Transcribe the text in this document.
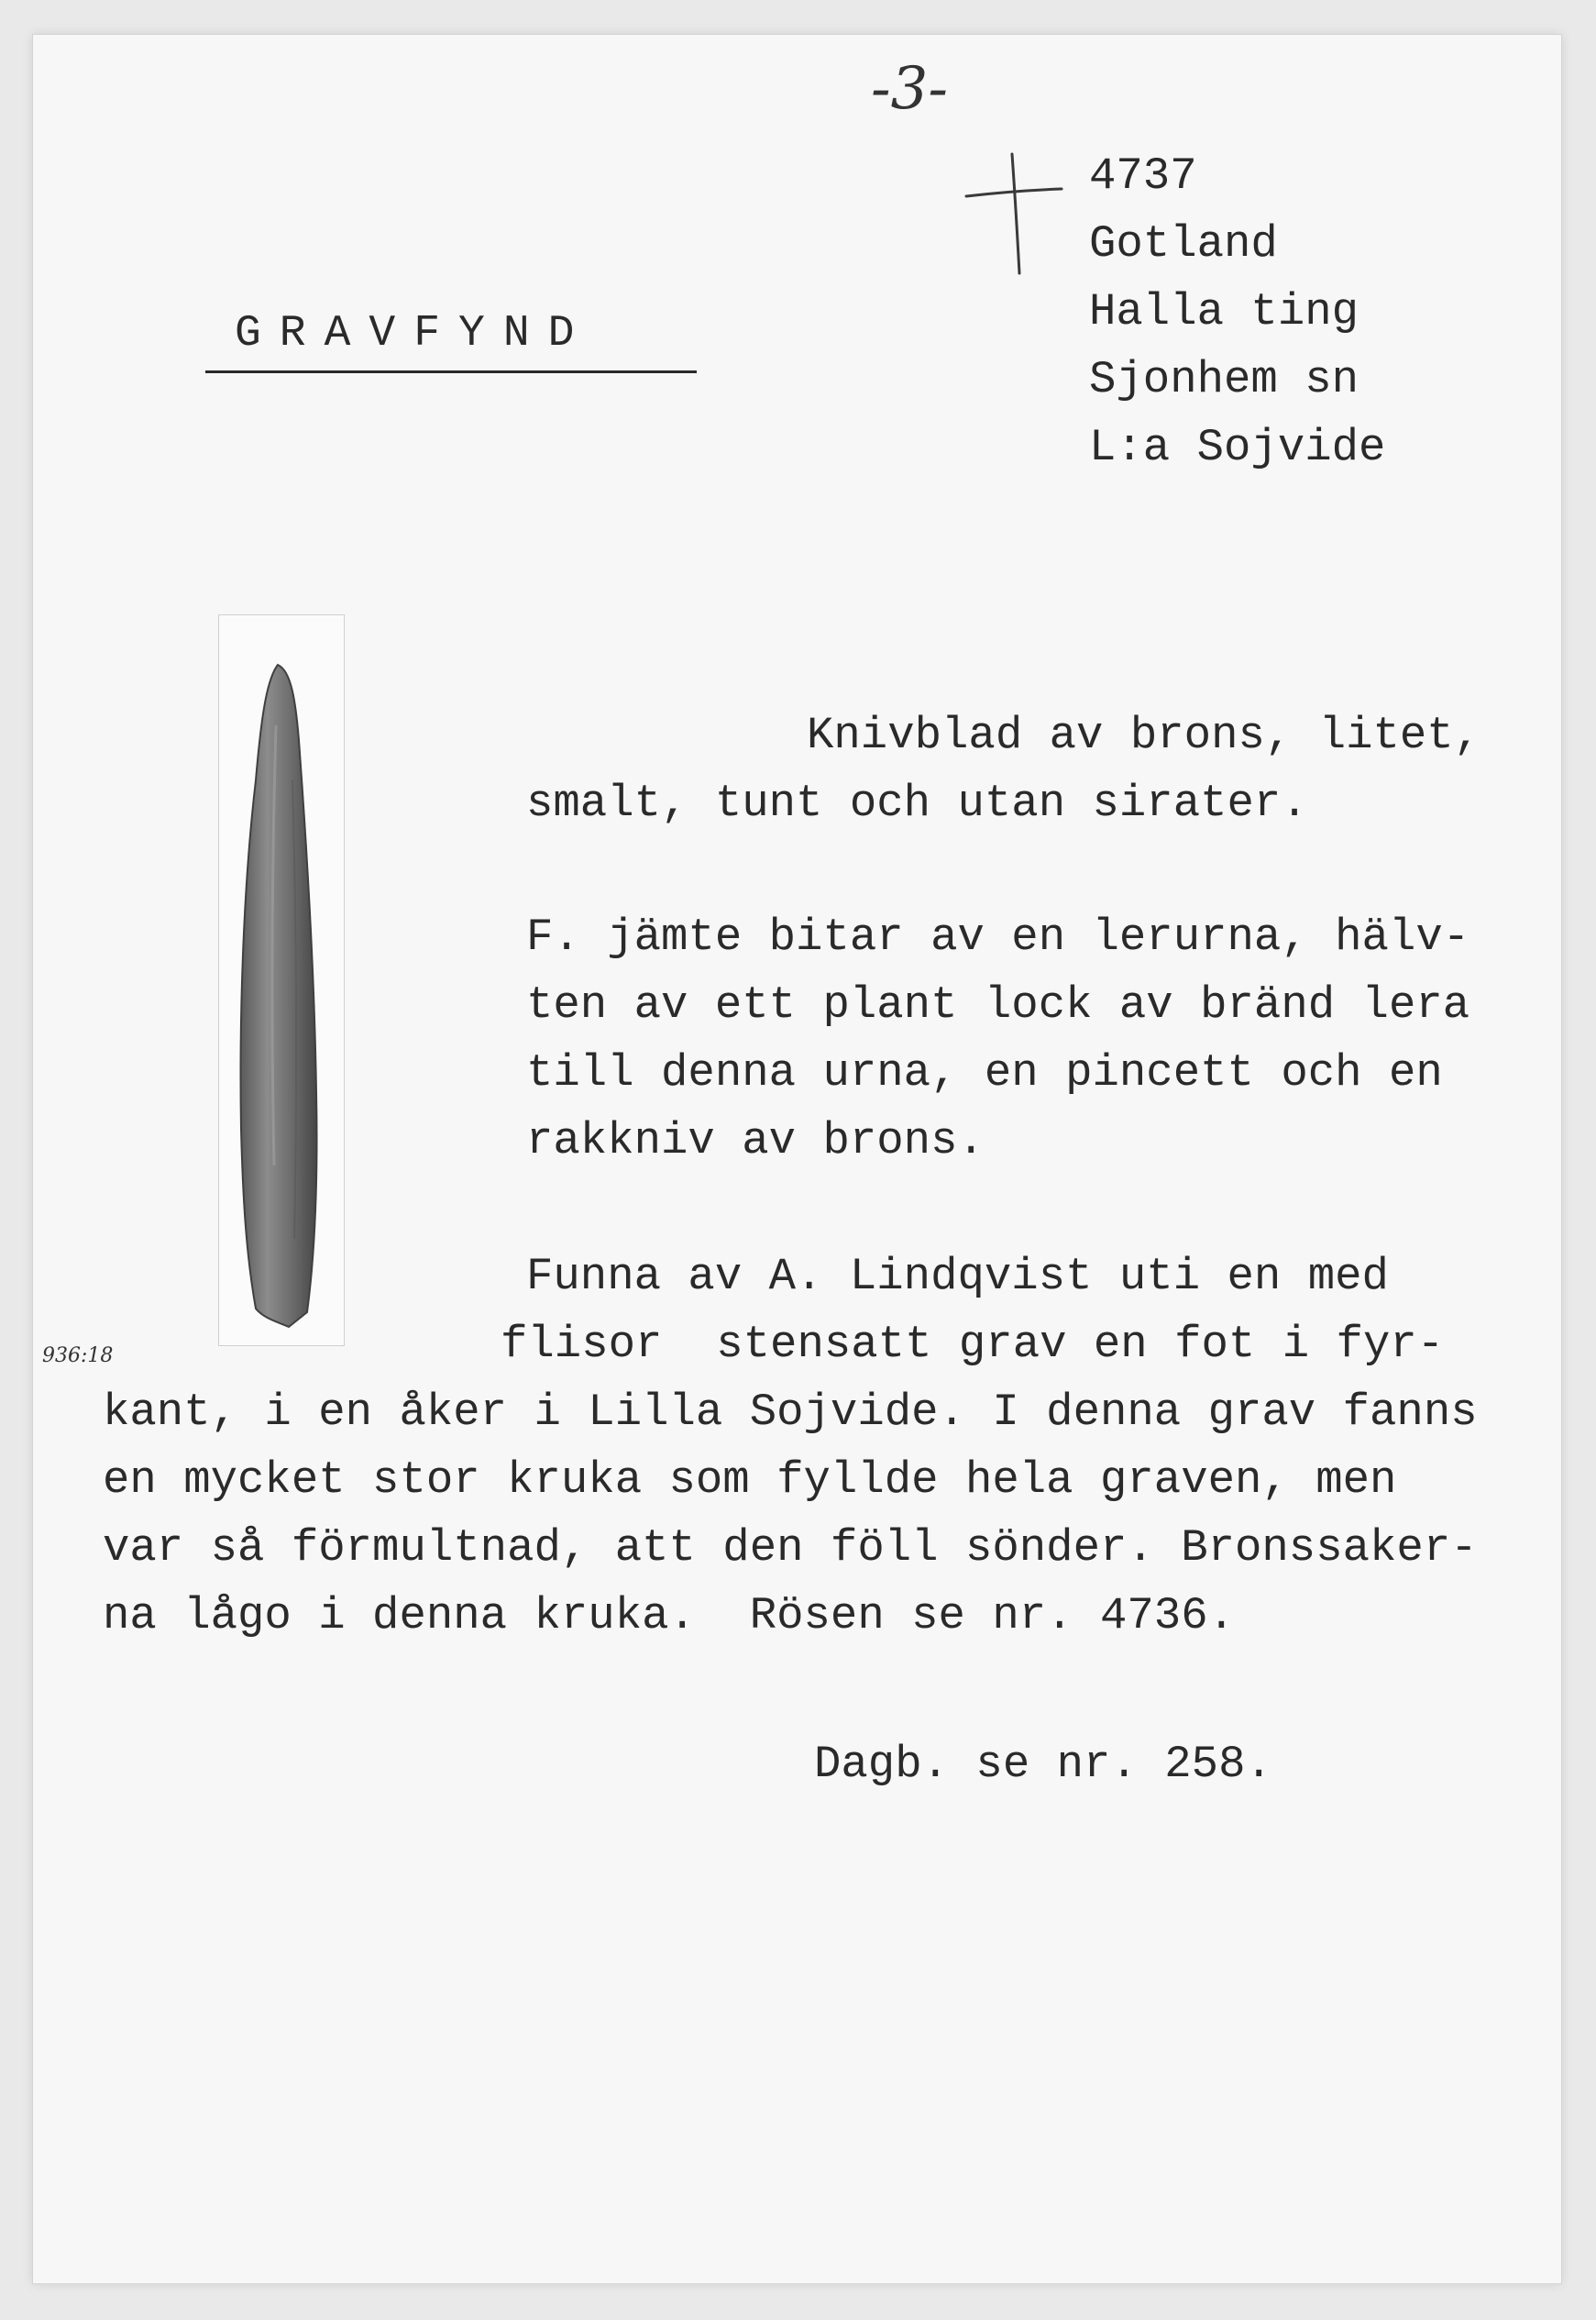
-3-
4737
Gotland
Halla ting
Sjonhem sn
L:a Sojvide
GRAVFYND
936:18
Knivblad av brons, litet,
smalt, tunt och utan sirater.
F. jämte bitar av en lerurna, hälv-
ten av ett plant lock av bränd lera
till denna urna, en pincett och en
rakkniv av brons.
Funna av A. Lindqvist uti en med
flisor  stensatt grav en fot i fyr-
kant, i en åker i Lilla Sojvide. I denna grav fanns
en mycket stor kruka som fyllde hela graven, men
var så förmultnad, att den föll sönder. Bronssaker-
na lågo i denna kruka.  Rösen se nr. 4736.
Dagb. se nr. 258.
